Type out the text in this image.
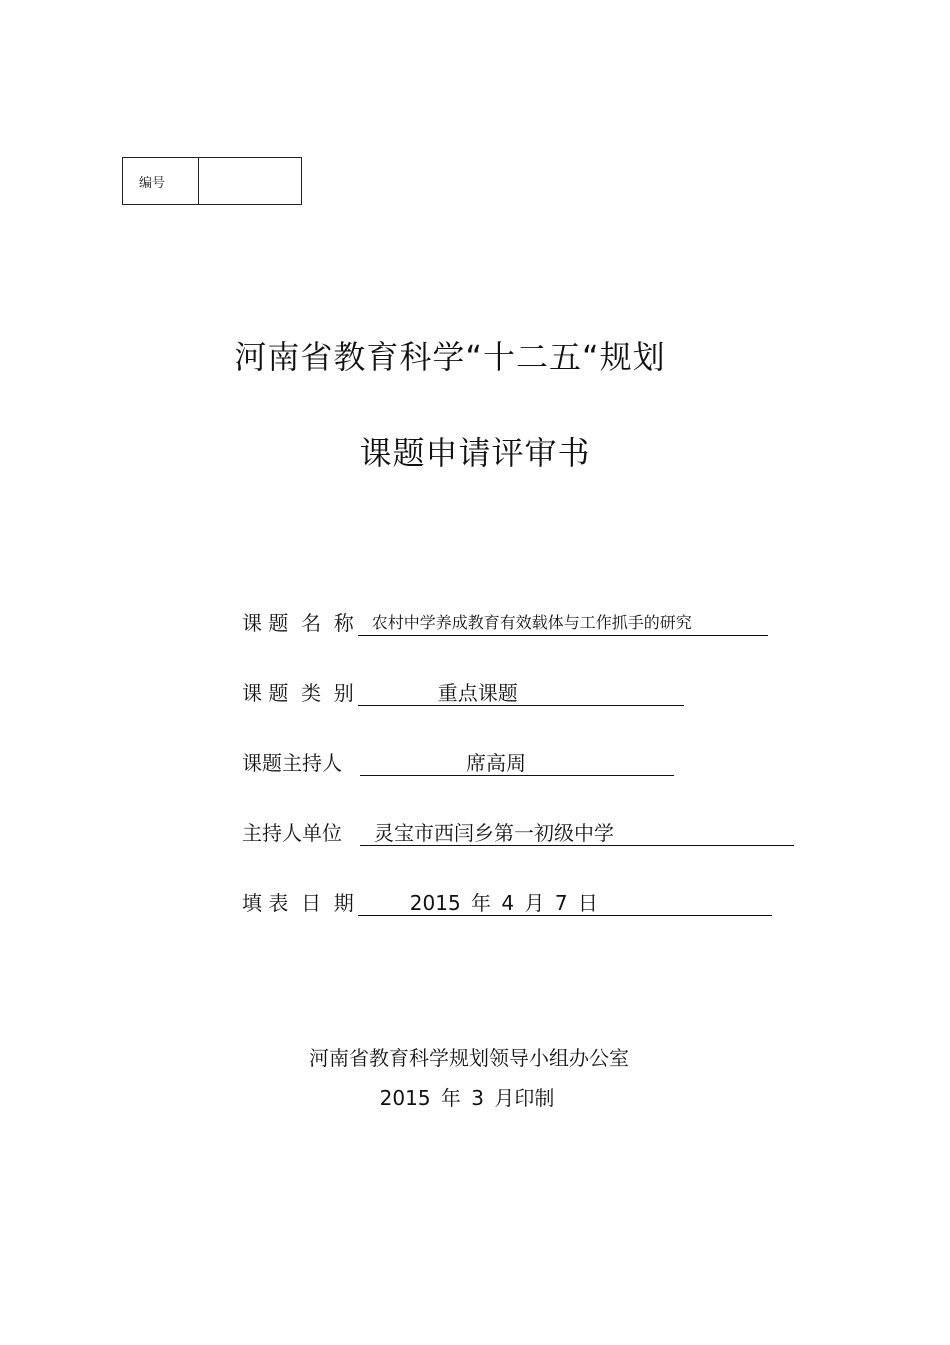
编号
河南省教育科学“十二五“规划
课题申请评审书
课 题  名  称	农村中学养成教育有效载体与工作抓手的研究
课 题  类  别	重点课题
课题主持人	席高周
主持人单位	灵宝市西闫乡第一初级中学
填 表  日  期	2015 年 4 月 7 日
河南省教育科学规划领导小组办公室
2015 年 3 月印制
